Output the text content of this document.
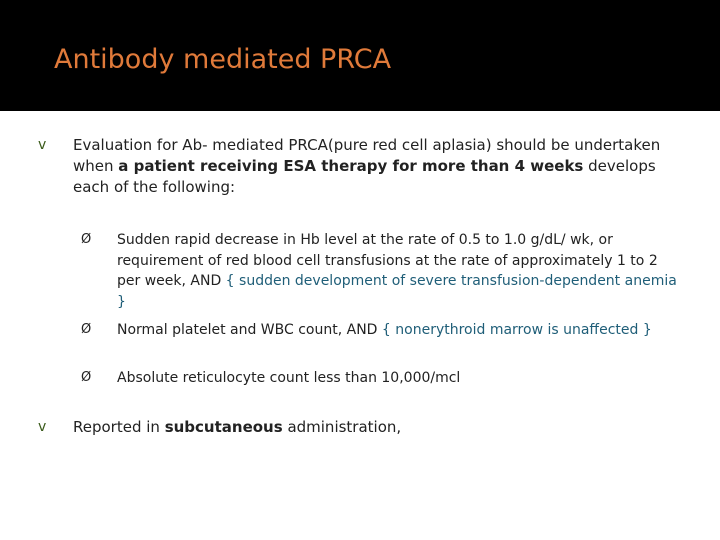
Antibody mediated PRCA
v Evaluation for Ab- mediated PRCA(pure red cell aplasia) should be undertaken when a patient receiving ESA therapy for more than 4 weeks develops each of the following:
Ø Sudden rapid decrease in Hb level at the rate of 0.5 to 1.0 g/dL/ wk, or requirement of red blood cell transfusions at the rate of approximately 1 to 2 per week, AND { sudden development of severe transfusion-dependent anemia }
Ø Normal platelet and WBC count, AND { nonerythroid marrow is unaffected }
Ø Absolute reticulocyte count less than 10,000/mcl
v Reported in subcutaneous administration,
